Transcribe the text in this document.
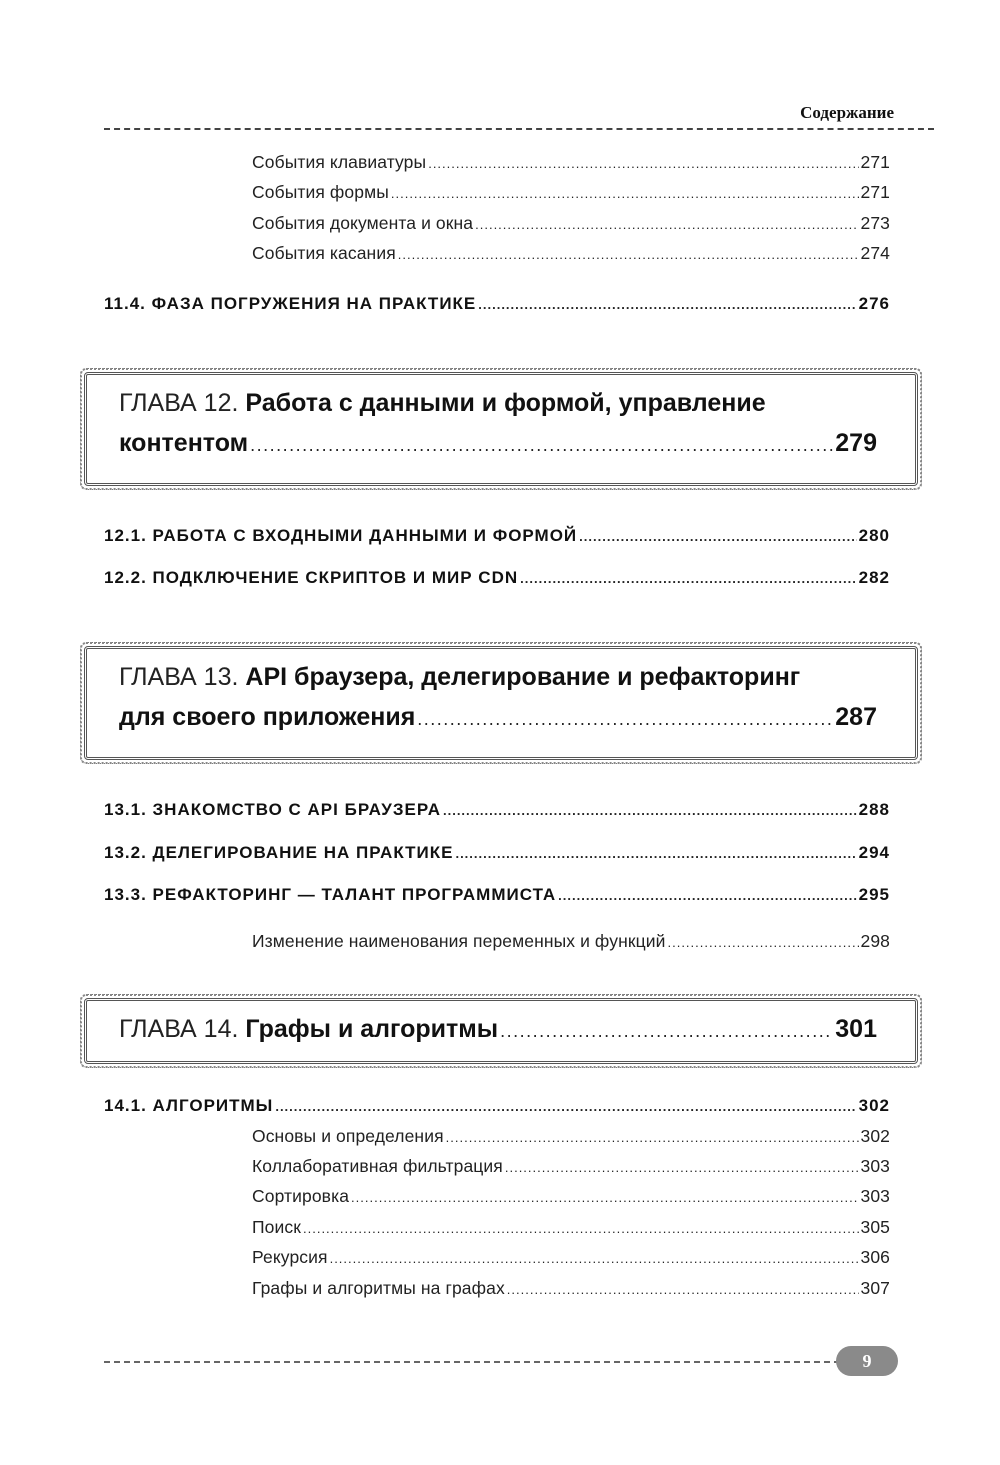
Содержание
События клавиатуры .....	271
События формы .....	271
События документа и окна .....	273
События касания .....	274
11.4. ФАЗА ПОГРУЖЕНИЯ НА ПРАКТИКЕ .....	276
ГЛАВА 12.
Работа с данными и формой, управление
контентом .....	279
12.1. РАБОТА С ВХОДНЫМИ ДАННЫМИ И ФОРМОЙ .....	280
12.2. ПОДКЛЮЧЕНИЕ СКРИПТОВ И МИР CDN .....	282
ГЛАВА 13.
API браузера, делегирование и рефакторинг
для своего приложения .....	287
13.1. ЗНАКОМСТВО С API БРАУЗЕРА .....	288
13.2. ДЕЛЕГИРОВАНИЕ НА ПРАКТИКЕ .....	294
13.3. РЕФАКТОРИНГ — ТАЛАНТ ПРОГРАММИСТА .....	295
Изменение наименования переменных и функций .....	298
ГЛАВА 14.
Графы и алгоритмы .....	301
14.1. АЛГОРИТМЫ .....	302
Основы и определения .....	302
Коллаборативная фильтрация .....	303
Сортировка .....	303
Поиск .....	305
Рекурсия .....	306
Графы и алгоритмы на графах .....	307
9
